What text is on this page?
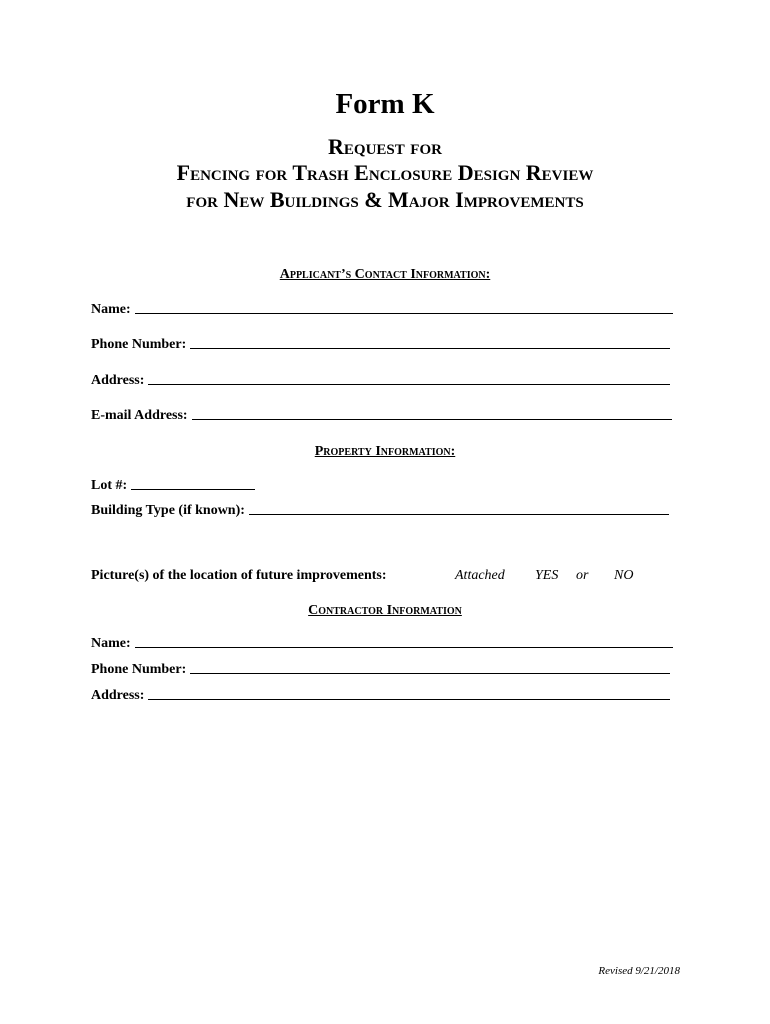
Form K
Request for
Fencing for Trash Enclosure Design Review
for New Buildings & Major Improvements
Applicant’s Contact Information:
Name:
Phone Number:
Address:
E-mail Address:
Property Information:
Lot #:
Building Type (if known):
Picture(s) of the location of future improvements:	Attached YES or NO
Contractor Information
Name:
Phone Number:
Address:
Revised 9/21/2018
